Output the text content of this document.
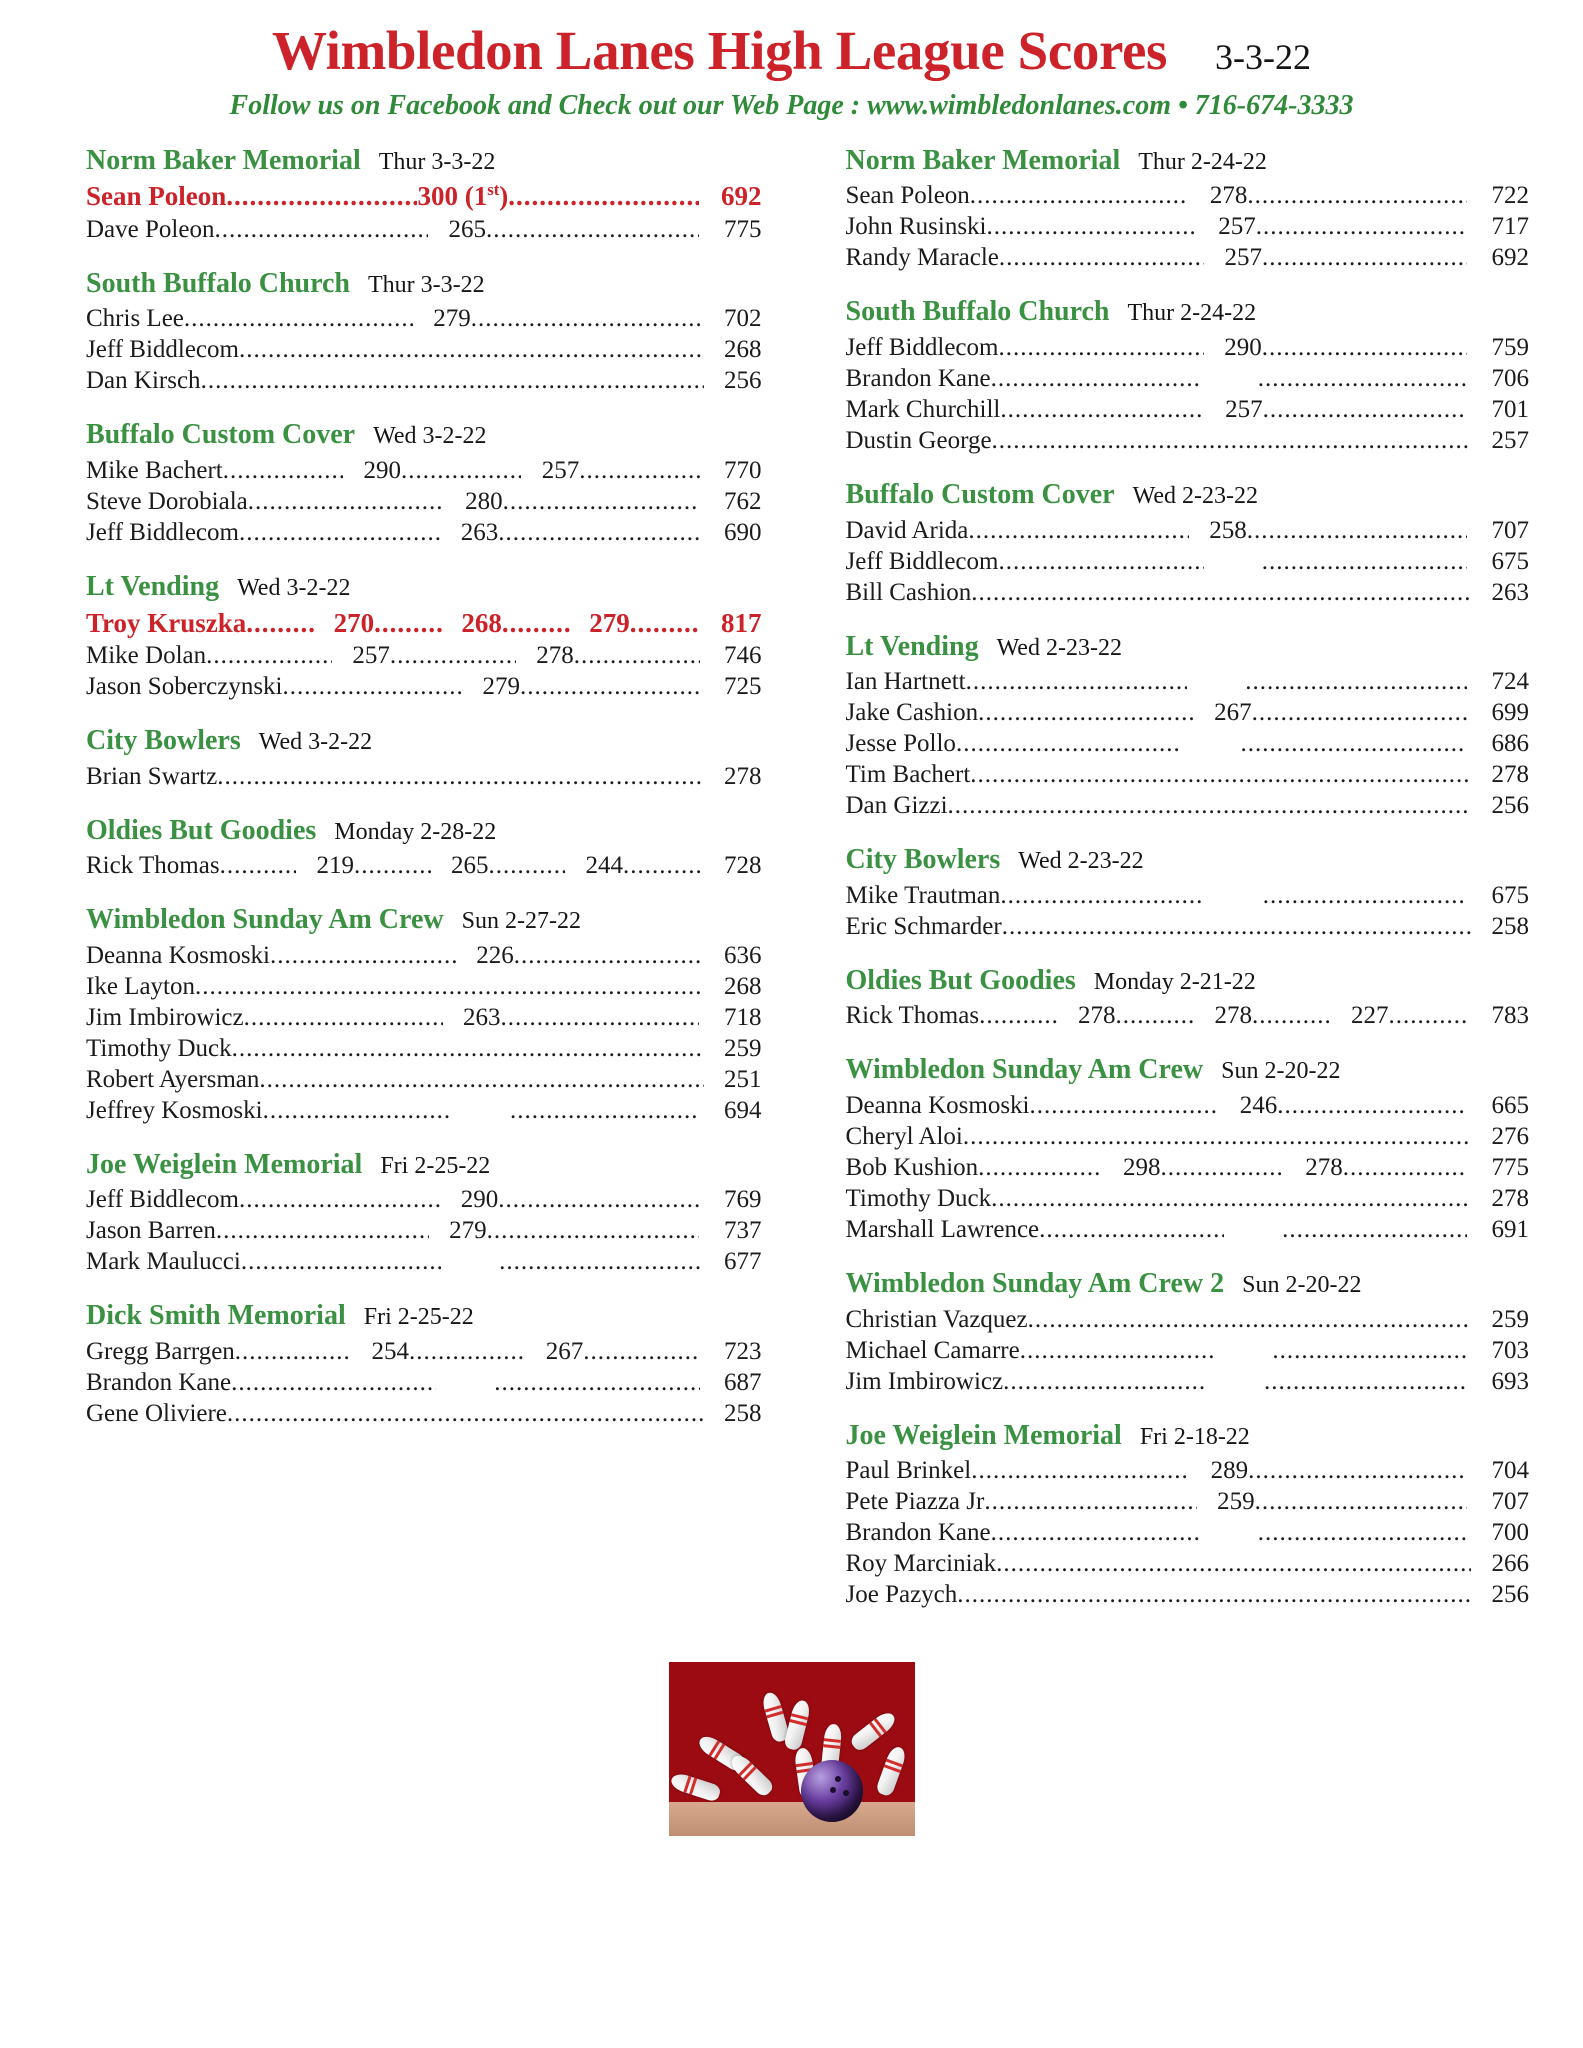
Wimbledon Lanes High League Scores 3-3-22
Follow us on Facebook and Check out our Web Page : www.wimbledonlanes.com • 716-674-3333
Norm Baker Memorial Thur 3-3-22
Sean Poleon .....	300 (1st) .....	692
Dave Poleon .....	265 .....	775
South Buffalo Church Thur 3-3-22
Chris Lee .....	279 .....	702
Jeff Biddlecom .....	268
Dan Kirsch .....	256
Buffalo Custom Cover Wed 3-2-22
Mike Bachert .....	290 .....	257 .....	770
Steve Dorobiala .....	280 .....	762
Jeff Biddlecom .....	263 .....	690
Lt Vending Wed 3-2-22
Troy Kruszka .....	270 .....	268 .....	279 .....	817
Mike Dolan .....	257 .....	278 .....	746
Jason Soberczynski .....	279 .....	725
City Bowlers Wed 3-2-22
Brian Swartz .....	278
Oldies But Goodies Monday 2-28-22
Rick Thomas .....	219 .....	265 .....	244 .....	728
Wimbledon Sunday Am Crew Sun 2-27-22
Deanna Kosmoski .....	226 .....	636
Ike Layton .....	268
Jim Imbirowicz .....	263 .....	718
Timothy Duck .....	259
Robert Ayersman .....	251
Jeffrey Kosmoski ..... .....	694
Joe Weiglein Memorial Fri 2-25-22
Jeff Biddlecom .....	290 .....	769
Jason Barren .....	279 .....	737
Mark Maulucci ..... .....	677
Dick Smith Memorial Fri 2-25-22
Gregg Barrgen .....	254 .....	267 .....	723
Brandon Kane ..... .....	687
Gene Oliviere .....	258
Norm Baker Memorial Thur 2-24-22
Sean Poleon .....	278 .....	722
John Rusinski .....	257 .....	717
Randy Maracle .....	257 .....	692
South Buffalo Church Thur 2-24-22
Jeff Biddlecom .....	290 .....	759
Brandon Kane ..... .....	706
Mark Churchill .....	257 .....	701
Dustin George .....	257
Buffalo Custom Cover Wed 2-23-22
David Arida .....	258 .....	707
Jeff Biddlecom ..... .....	675
Bill Cashion .....	263
Lt Vending Wed 2-23-22
Ian Hartnett ..... .....	724
Jake Cashion .....	267 .....	699
Jesse Pollo ..... .....	686
Tim Bachert .....	278
Dan Gizzi .....	256
City Bowlers Wed 2-23-22
Mike Trautman ..... .....	675
Eric Schmarder .....	258
Oldies But Goodies Monday 2-21-22
Rick Thomas .....	278 .....	278 .....	227 .....	783
Wimbledon Sunday Am Crew Sun 2-20-22
Deanna Kosmoski .....	246 .....	665
Cheryl Aloi .....	276
Bob Kushion .....	298 .....	278 .....	775
Timothy Duck .....	278
Marshall Lawrence ..... .....	691
Wimbledon Sunday Am Crew 2 Sun 2-20-22
Christian Vazquez .....	259
Michael Camarre ..... .....	703
Jim Imbirowicz ..... .....	693
Joe Weiglein Memorial Fri 2-18-22
Paul Brinkel .....	289 .....	704
Pete Piazza Jr .....	259 .....	707
Brandon Kane ..... .....	700
Roy Marciniak .....	266
Joe Pazych .....	256
